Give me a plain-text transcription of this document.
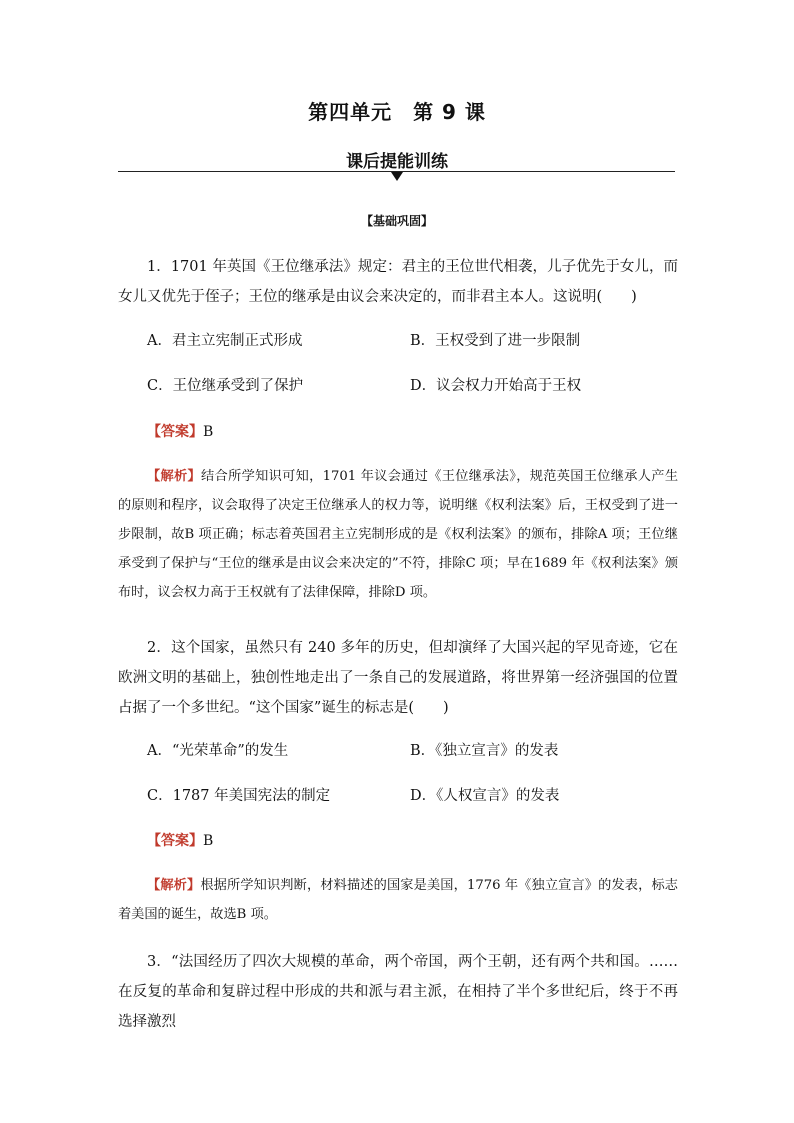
第四单元　第 9 课
课后提能训练
【基础巩固】
1．1701 年英国《王位继承法》规定：君主的王位世代相袭，儿子优先于女儿，而女儿又优先于侄子；王位的继承是由议会来决定的，而非君主本人。这说明(　　)
A．君主立宪制正式形成	B．王权受到了进一步限制
C．王位继承受到了保护	D．议会权力开始高于王权
【答案】B
【解析】结合所学知识可知，1701 年议会通过《王位继承法》，规范英国王位继承人产生的原则和程序，议会取得了决定王位继承人的权力等，说明继《权利法案》后，王权受到了进一步限制，故B 项正确；标志着英国君主立宪制形成的是《权利法案》的颁布，排除A 项；王位继承受到了保护与“王位的继承是由议会来决定的”不符，排除C 项；早在1689 年《权利法案》颁布时，议会权力高于王权就有了法律保障，排除D 项。
2．这个国家，虽然只有 240 多年的历史，但却演绎了大国兴起的罕见奇迹，它在欧洲文明的基础上，独创性地走出了一条自己的发展道路，将世界第一经济强国的位置占据了一个多世纪。“这个国家”诞生的标志是(　　)
A．“光荣革命”的发生	B．《独立宣言》的发表
C．1787 年美国宪法的制定	D．《人权宣言》的发表
【答案】B
【解析】根据所学知识判断，材料描述的国家是美国，1776 年《独立宣言》的发表，标志着美国的诞生，故选B 项。
3．“法国经历了四次大规模的革命，两个帝国，两个王朝，还有两个共和国。……在反复的革命和复辟过程中形成的共和派与君主派，在相持了半个多世纪后，终于不再选择激烈
